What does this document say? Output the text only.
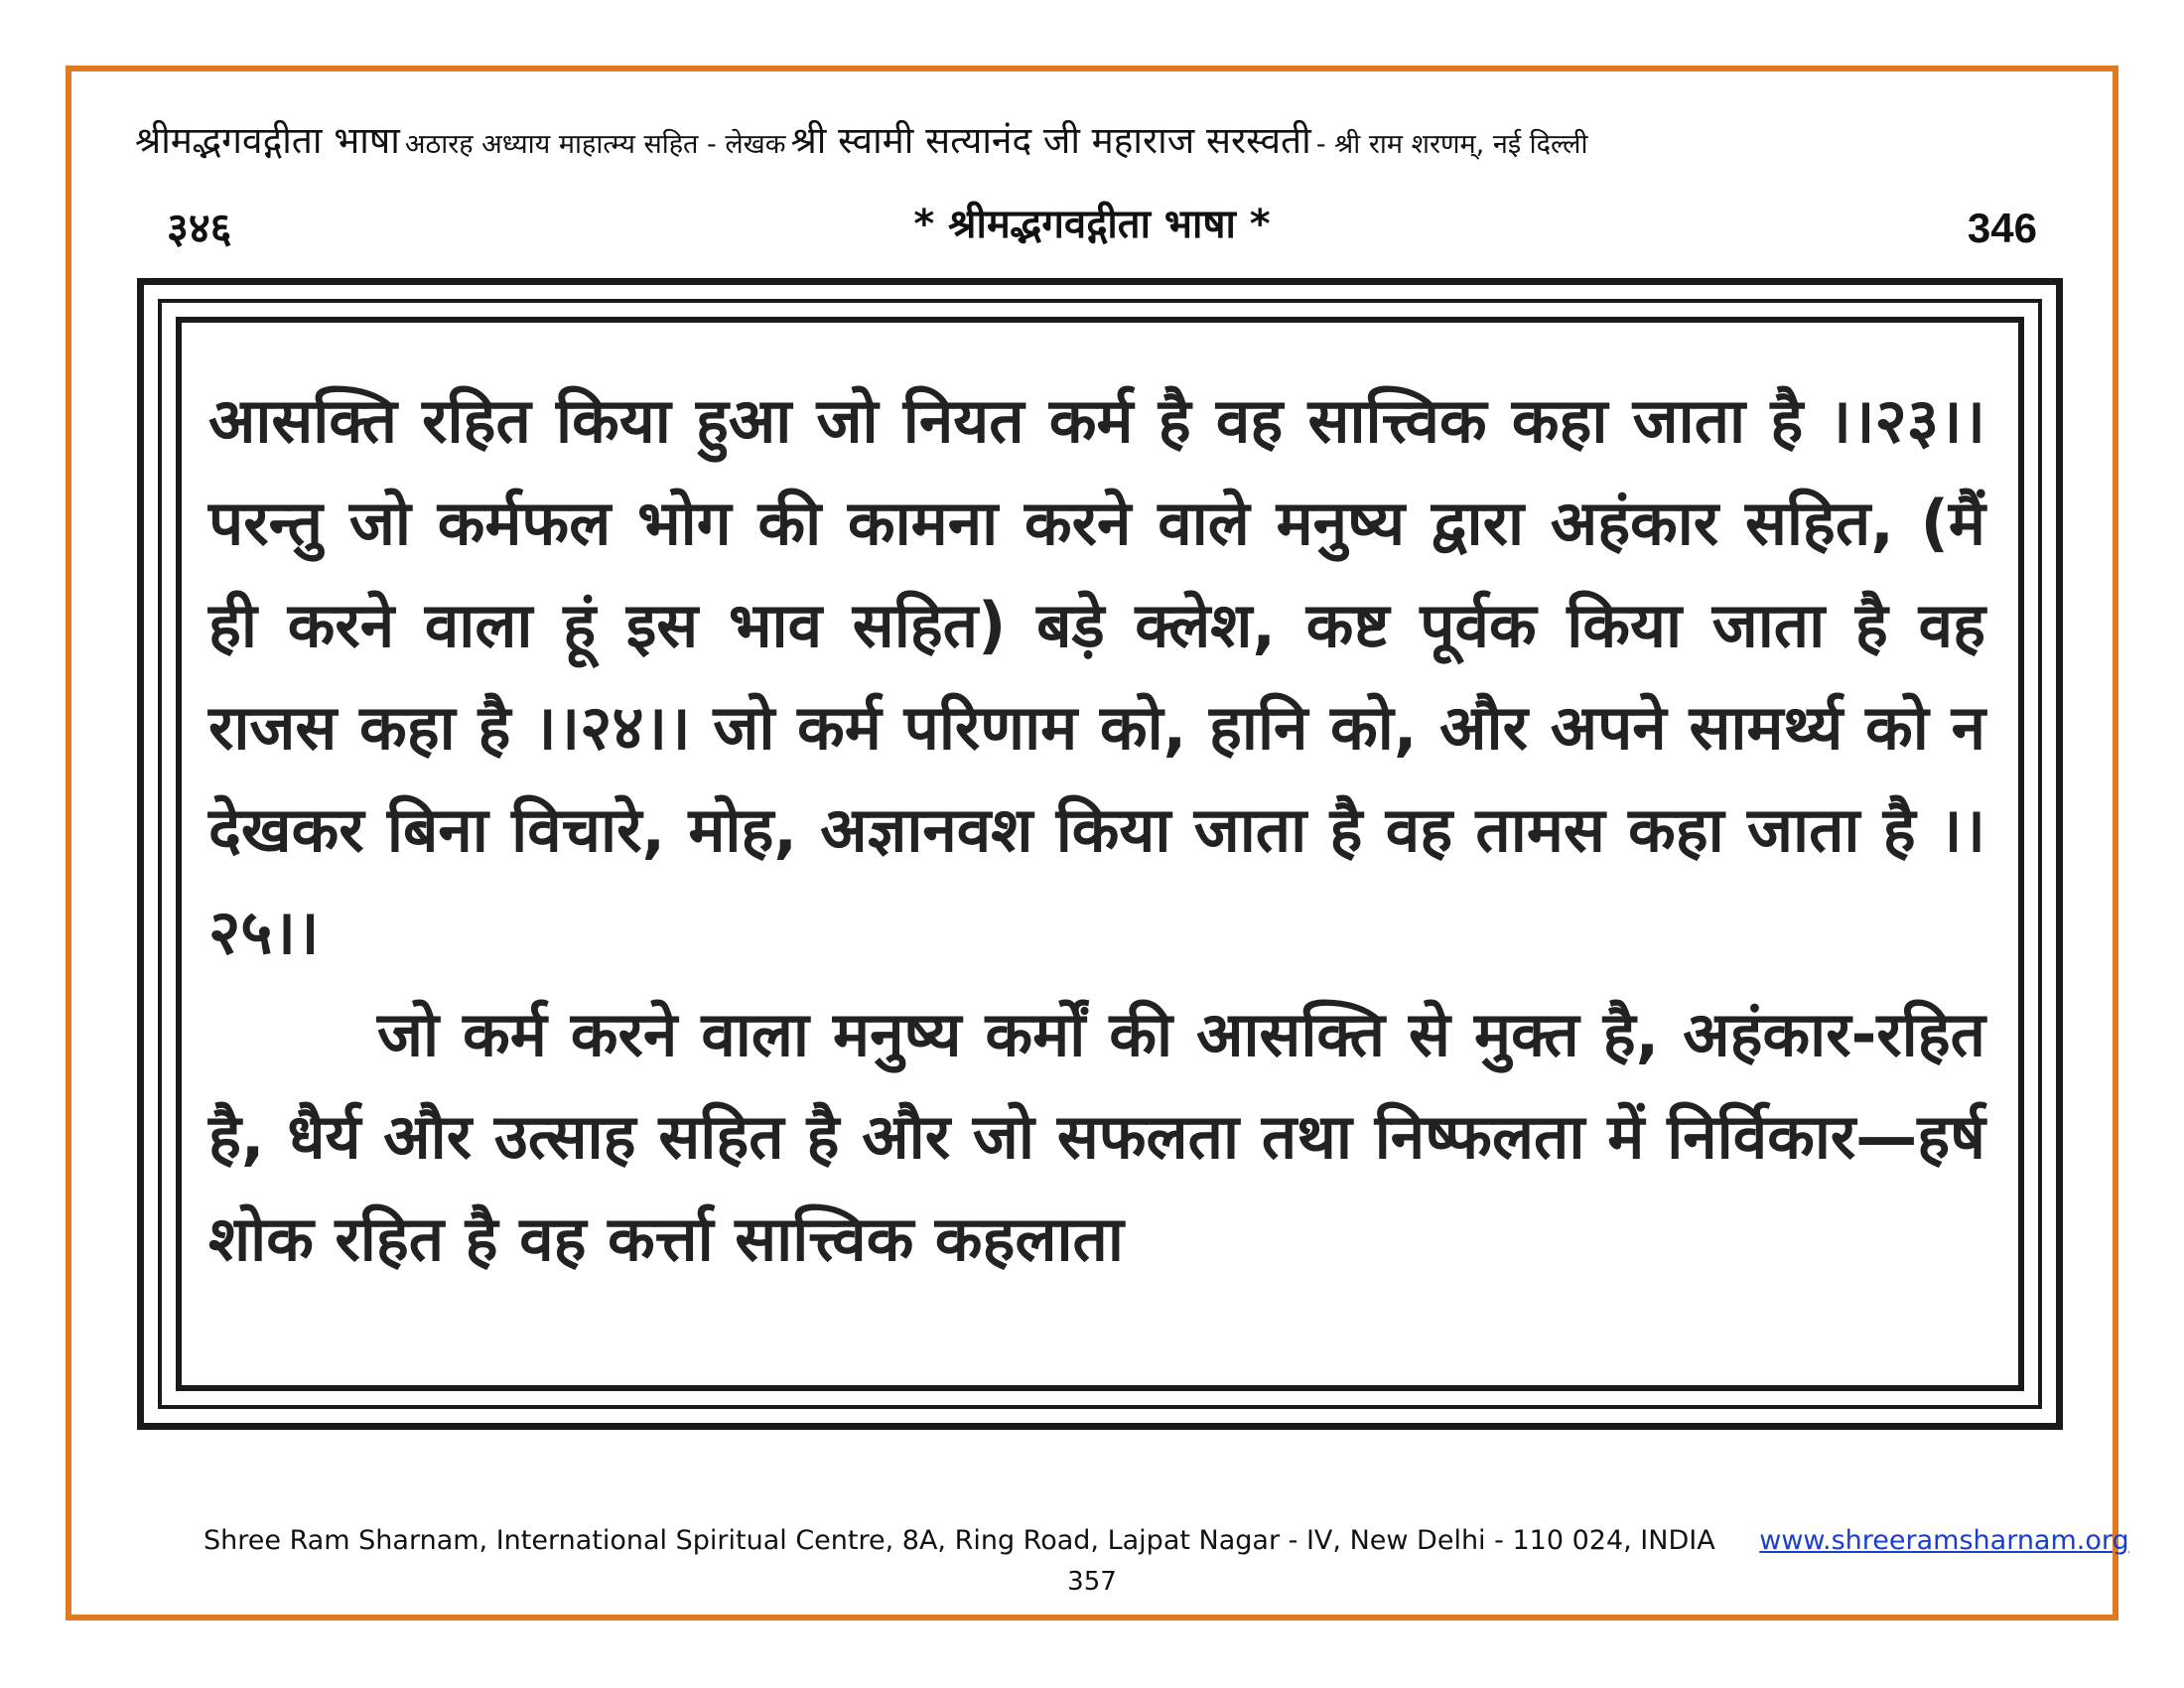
श्रीमद्भगवद्गीता भाषा अठारह अध्याय माहात्म्य सहित - लेखक श्री स्वामी सत्यानंद जी महाराज सरस्वती - श्री राम शरणम्, नई दिल्ली
३४६	* श्रीमद्भगवद्गीता भाषा *	346

आसक्ति रहित किया हुआ जो नियत कर्म है वह सात्त्विक कहा जाता है ।।२३।। परन्तु जो कर्मफल भोग की कामना करने वाले मनुष्य द्वारा अहंकार सहित, (मैं ही करने वाला हूं इस भाव सहित) बड़े क्लेश, कष्ट पूर्वक किया जाता है वह राजस कहा है ।।२४।। जो कर्म परिणाम को, हानि को, और अपने सामर्थ्य को न देखकर बिना विचारे, मोह, अज्ञानवश किया जाता है वह तामस कहा जाता है ।।२५।।

जो कर्म करने वाला मनुष्य कर्मों की आसक्ति से मुक्त है, अहंकार-रहित है, धैर्य और उत्साह सहित है और जो सफलता तथा निष्फलता में निर्विकार—हर्ष शोक रहित है वह कर्त्ता सात्त्विक कहलाता

Shree Ram Sharnam, International Spiritual Centre, 8A, Ring Road, Lajpat Nagar - IV, New Delhi - 110 024, INDIA www.shreeramsharnam.org
357
